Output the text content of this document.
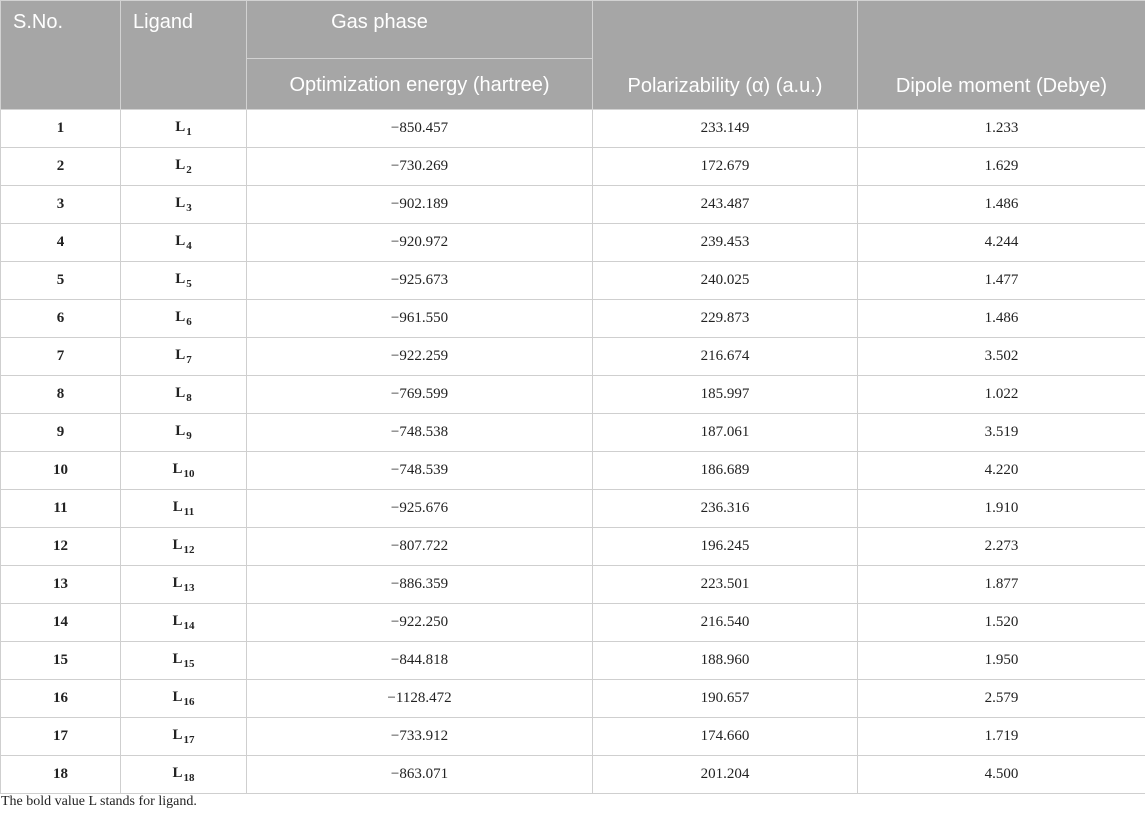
S.No.	Ligand	Gas phase	Polarizability (α) (a.u.)	Dipole moment (Debye)
		Optimization energy (hartree)		
1	$L_1$	−850.457	233.149	1.233
2	$L_2$	−730.269	172.679	1.629
3	$L_3$	−902.189	243.487	1.486
4	$L_4$	−920.972	239.453	4.244
5	$L_5$	−925.673	240.025	1.477
6	$L_6$	−961.550	229.873	1.486
7	$L_7$	−922.259	216.674	3.502
8	$L_8$	−769.599	185.997	1.022
9	$L_9$	−748.538	187.061	3.519
10	$L_{10}$	−748.539	186.689	4.220
11	$L_{11}$	−925.676	236.316	1.910
12	$L_{12}$	−807.722	196.245	2.273
13	$L_{13}$	−886.359	223.501	1.877
14	$L_{14}$	−922.250	216.540	1.520
15	$L_{15}$	−844.818	188.960	1.950
16	$L_{16}$	−1128.472	190.657	2.579
17	$L_{17}$	−733.912	174.660	1.719
18	$L_{18}$	−863.071	201.204	4.500
The bold value L stands for ligand.
